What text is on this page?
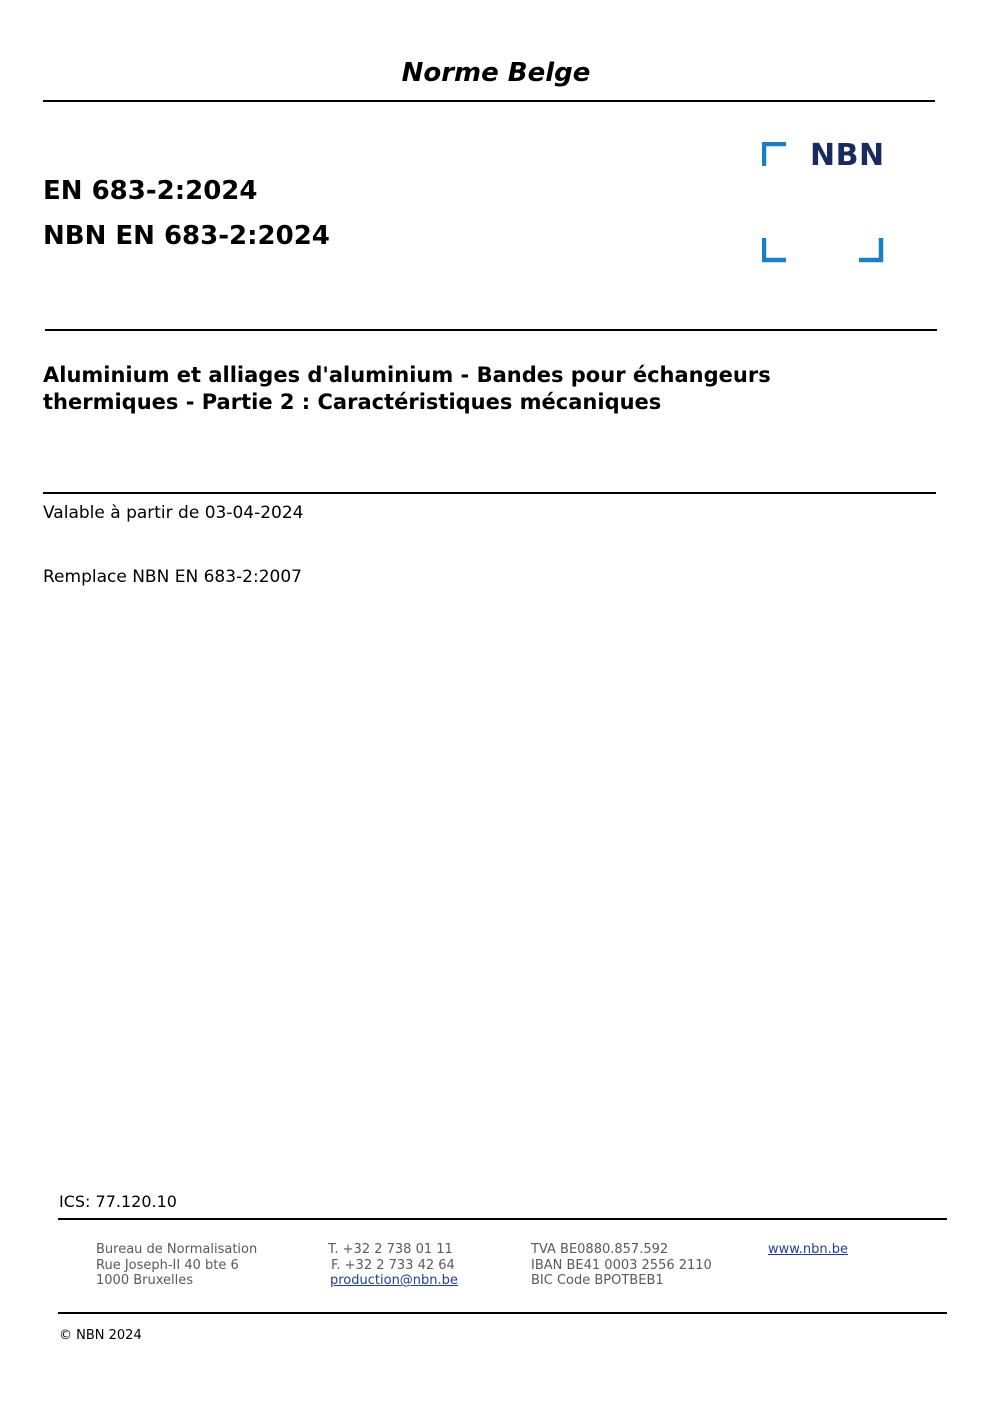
Norme Belge
EN 683-2:2024
NBN EN 683-2:2024
NBN
Aluminium et alliages d'aluminium - Bandes pour échangeurs
thermiques - Partie 2 : Caractéristiques mécaniques
Valable à partir de 03-04-2024
Remplace NBN EN 683-2:2007
ICS: 77.120.10
Bureau de Normalisation
Rue Joseph-II 40 bte 6
1000 Bruxelles
T. +32 2 738 01 11
F. +32 2 733 42 64
production@nbn.be
TVA BE0880.857.592
IBAN BE41 0003 2556 2110
BIC Code BPOTBEB1
www.nbn.be
© NBN 2024
